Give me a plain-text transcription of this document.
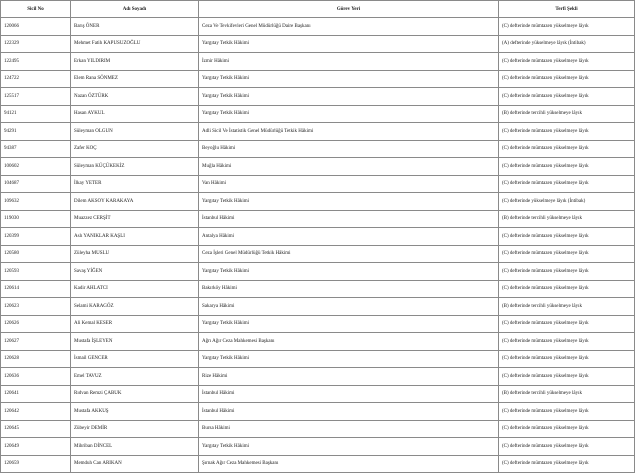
Sicil No	Adı Soyadı	Görev Yeri	Terfi Şekli
120066	Barış ÖNER	Ceza Ve Tevkifevleri Genel Müdürlüğü Daire Başkanı	(C) defterinde mümtazen yükselmeye lâyık
122329	Mehmet Fatih KAPUSUZOĞLU	Yargıtay Tetkik Hâkimi	(A) defterinde yükselmeye lâyık (İntibak)
122495	Erkan YILDIRIM	İzmir Hâkimi	(C) defterinde mümtazen yükselmeye lâyık
124722	Elem Rana SÖNMEZ	Yargıtay Tetkik Hâkimi	(C) defterinde mümtazen yükselmeye lâyık
125517	Nazan ÖZTÜRK	Yargıtay Tetkik Hâkimi	(C) defterinde mümtazen yükselmeye lâyık
94121	Hasan AYKUL	Yargıtay Tetkik Hâkimi	(B) defterinde tercihli yükselmeye lâyık
94291	Süleyman OLGUN	Adli Sicil Ve İstatistik Genel Müdürlüğü Tetkik Hâkimi	(C) defterinde mümtazen yükselmeye lâyık
94387	Zafer KOÇ	Beyoğlu Hâkimi	(C) defterinde mümtazen yükselmeye lâyık
100602	Süleyman KÜÇÜKEKİZ	Muğla Hâkimi	(C) defterinde mümtazen yükselmeye lâyık
104687	İlkay YETER	Van Hâkimi	(C) defterinde mümtazen yükselmeye lâyık
109632	Dilem AKSOY KARAKAYA	Yargıtay Tetkik Hâkimi	(C) defterinde yükselmeye lâyık (İntibak)
119030	Muazzez CERŞİT	İstanbul Hâkimi	(B) defterinde tercihli yükselmeye lâyık
120399	Aslı YANIKLAR KAŞLI	Antalya Hâkimi	(C) defterinde mümtazen yükselmeye lâyık
120580	Züleyha MUSLU	Ceza İşleri Genel Müdürlüğü Tetkik Hâkimi	(C) defterinde mümtazen yükselmeye lâyık
120593	Savaş YİĞEN	Yargıtay Tetkik Hâkimi	(C) defterinde mümtazen yükselmeye lâyık
120614	Kadir AHLATCI	Bakırköy Hâkimi	(C) defterinde mümtazen yükselmeye lâyık
120623	Selami KARAGÖZ	Sakarya Hâkimi	(B) defterinde tercihli yükselmeye lâyık
120626	Ali Kemal KESER	Yargıtay Tetkik Hâkimi	(C) defterinde mümtazen yükselmeye lâyık
120627	Mustafa İŞLEYEN	Ağrı Ağır Ceza Mahkemesi Başkanı	(C) defterinde mümtazen yükselmeye lâyık
120628	İsmail GENCER	Yargıtay Tetkik Hâkimi	(C) defterinde mümtazen yükselmeye lâyık
120636	Emel TAVUZ	Rize Hâkimi	(C) defterinde mümtazen yükselmeye lâyık
120641	Rıdvan Remzi ÇABUK	İstanbul Hâkimi	(B) defterinde tercihli yükselmeye lâyık
120642	Mustafa AKKUŞ	İstanbul Hâkimi	(C) defterinde mümtazen yükselmeye lâyık
120645	Zübeyir DEMİR	Bursa Hâkimi	(C) defterinde mümtazen yükselmeye lâyık
120649	Mihriban DİNCEL	Yargıtay Tetkik Hâkimi	(C) defterinde mümtazen yükselmeye lâyık
120659	Memduh Can ARIKAN	Şırnak Ağır Ceza Mahkemesi Başkanı	(C) defterinde mümtazen yükselmeye lâyık
